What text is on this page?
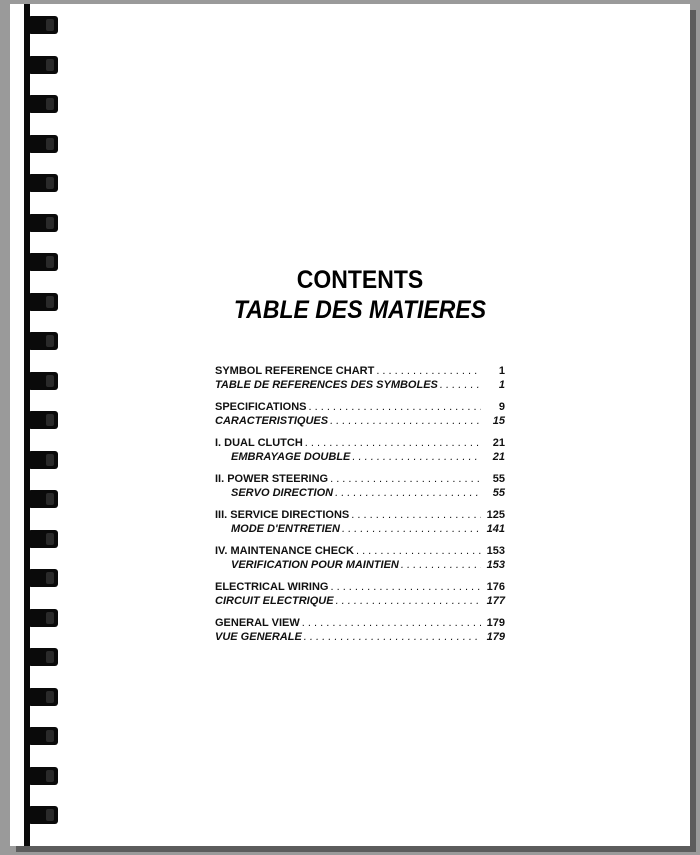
CONTENTS
TABLE DES MATIERES
SYMBOL REFERENCE CHART . . .	1
TABLE DE REFERENCES DES SYMBOLES . . .	1
SPECIFICATIONS . . .	9
CARACTERISTIQUES . . .	15
I. DUAL CLUTCH . . .	21
EMBRAYAGE DOUBLE . . .	21
II. POWER STEERING . . .	55
SERVO DIRECTION . . .	55
III. SERVICE DIRECTIONS . . .	125
MODE D'ENTRETIEN . . .	141
IV. MAINTENANCE CHECK . . .	153
VERIFICATION POUR MAINTIEN . . .	153
ELECTRICAL WIRING . . .	176
CIRCUIT ELECTRIQUE . . .	177
GENERAL VIEW . . .	179
VUE GENERALE . . .	179
